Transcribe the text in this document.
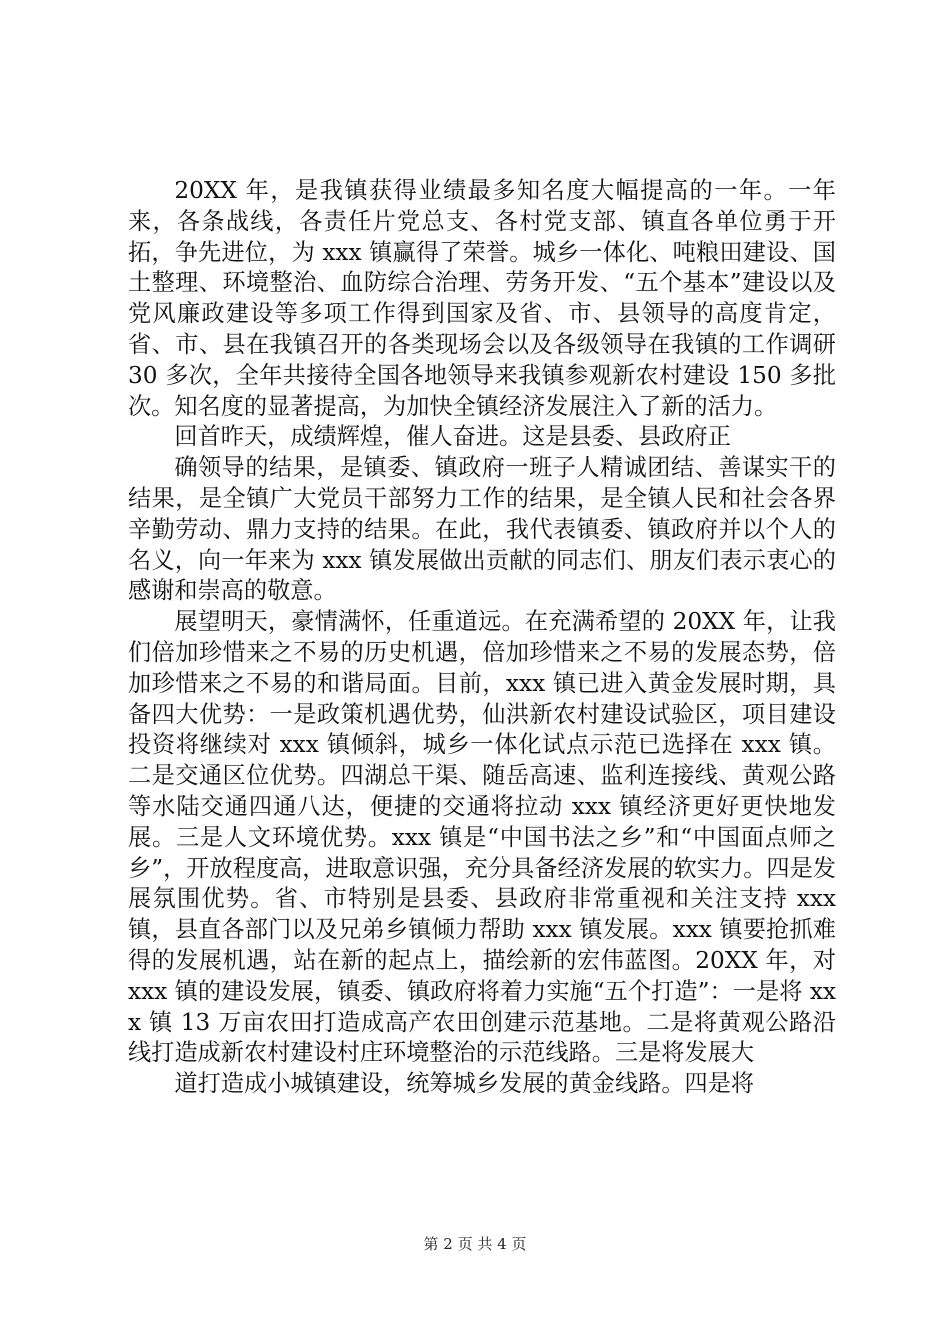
20XX 年，是我镇获得业绩最多知名度大幅提高的一年。一年来，各条战线，各责任片党总支、各村党支部、镇直各单位勇于开拓，争先进位，为 xxx 镇赢得了荣誉。城乡一体化、吨粮田建设、国土整理、环境整治、血防综合治理、劳务开发、“五个基本”建设以及党风廉政建设等多项工作得到国家及省、市、县领导的高度肯定，省、市、县在我镇召开的各类现场会以及各级领导在我镇的工作调研 30 多次，全年共接待全国各地领导来我镇参观新农村建设 150 多批次。知名度的显著提高，为加快全镇经济发展注入了新的活力。

回首昨天，成绩辉煌，催人奋进。这是县委、县政府正

确领导的结果，是镇委、镇政府一班子人精诚团结、善谋实干的结果，是全镇广大党员干部努力工作的结果，是全镇人民和社会各界辛勤劳动、鼎力支持的结果。在此，我代表镇委、镇政府并以个人的名义，向一年来为 xxx 镇发展做出贡献的同志们、朋友们表示衷心的感谢和崇高的敬意。

展望明天，豪情满怀，任重道远。在充满希望的 20XX 年，让我们倍加珍惜来之不易的历史机遇，倍加珍惜来之不易的发展态势，倍加珍惜来之不易的和谐局面。目前，xxx 镇已进入黄金发展时期，具备四大优势：一是政策机遇优势，仙洪新农村建设试验区，项目建设投资将继续对 xxx 镇倾斜，城乡一体化试点示范已选择在 xxx 镇。二是交通区位优势。四湖总干渠、随岳高速、监利连接线、黄观公路等水陆交通四通八达，便捷的交通将拉动 xxx 镇经济更好更快地发展。三是人文环境优势。xxx 镇是“中国书法之乡”和“中国面点师之乡”，开放程度高，进取意识强，充分具备经济发展的软实力。四是发展氛围优势。省、市特别是县委、县政府非常重视和关注支持 xxx 镇，县直各部门以及兄弟乡镇倾力帮助 xxx 镇发展。xxx 镇要抢抓难得的发展机遇，站在新的起点上，描绘新的宏伟蓝图。20XX 年，对 xxx 镇的建设发展，镇委、镇政府将着力实施“五个打造”：一是将 xxx 镇 13 万亩农田打造成高产农田创建示范基地。二是将黄观公路沿线打造成新农村建设村庄环境整治的示范线路。三是将发展大

道打造成小城镇建设，统筹城乡发展的黄金线路。四是将

第 2 页 共 4 页
